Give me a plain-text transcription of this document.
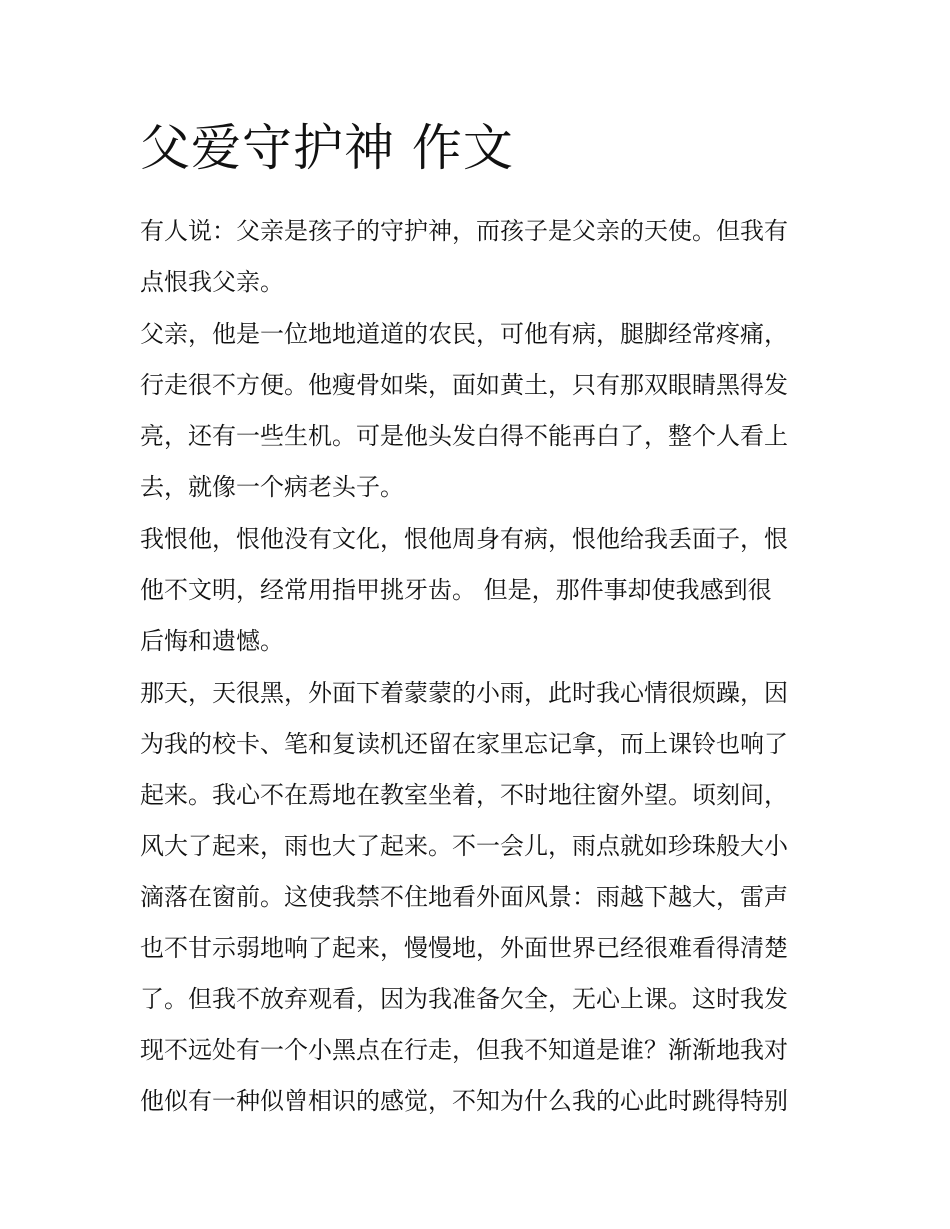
父爱守护神 作文
有人说：父亲是孩子的守护神，而孩子是父亲的天使。但我有
点恨我父亲。
父亲，他是一位地地道道的农民，可他有病，腿脚经常疼痛，
行走很不方便。他瘦骨如柴，面如黄土，只有那双眼睛黑得发
亮，还有一些生机。可是他头发白得不能再白了，整个人看上
去，就像一个病老头子。
我恨他，恨他没有文化，恨他周身有病，恨他给我丢面子，恨
他不文明，经常用指甲挑牙齿。 但是，那件事却使我感到很
后悔和遗憾。
那天，天很黑，外面下着蒙蒙的小雨，此时我心情很烦躁，因
为我的校卡、笔和复读机还留在家里忘记拿，而上课铃也响了
起来。我心不在焉地在教室坐着，不时地往窗外望。顷刻间，
风大了起来，雨也大了起来。不一会儿，雨点就如珍珠般大小
滴落在窗前。这使我禁不住地看外面风景：雨越下越大，雷声
也不甘示弱地响了起来，慢慢地，外面世界已经很难看得清楚
了。但我不放弃观看，因为我准备欠全，无心上课。这时我发
现不远处有一个小黑点在行走，但我不知道是谁？渐渐地我对
他似有一种似曾相识的感觉，不知为什么我的心此时跳得特别
